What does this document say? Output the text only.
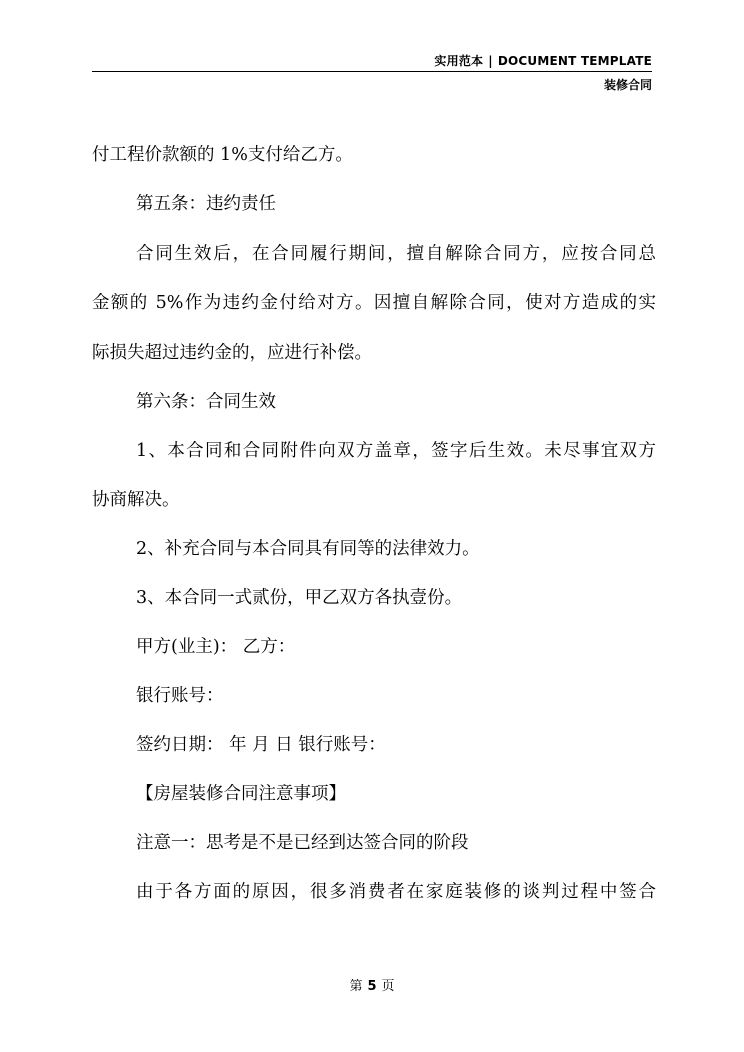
实用范本 | DOCUMENT TEMPLATE
装修合同
付工程价款额的 1%支付给乙方。
第五条：违约责任
合同生效后，在合同履行期间，擅自解除合同方，应按合同总
金额的 5%作为违约金付给对方。因擅自解除合同，使对方造成的实
际损失超过违约金的，应进行补偿。
第六条：合同生效
1、本合同和合同附件向双方盖章，签字后生效。未尽事宜双方
协商解决。
2、补充合同与本合同具有同等的法律效力。
3、本合同一式贰份，甲乙双方各执壹份。
甲方(业主)： 乙方：
银行账号：
签约日期： 年 月 日 银行账号：
【房屋装修合同注意事项】
注意一：思考是不是已经到达签合同的阶段
由于各方面的原因，很多消费者在家庭装修的谈判过程中签合
第 5 页
